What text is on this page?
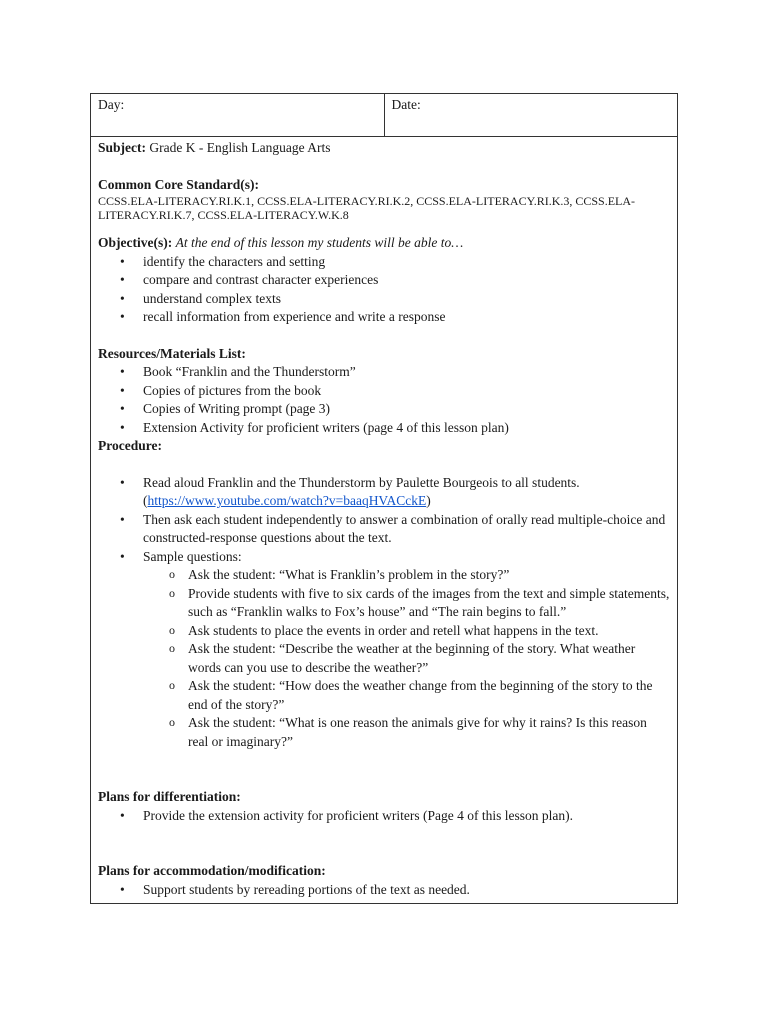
Day:	Date:

Subject: Grade K - English Language Arts

Common Core Standard(s):

CCSS.ELA-LITERACY.RI.K.1, CCSS.ELA-LITERACY.RI.K.2, CCSS.ELA-LITERACY.RI.K.3, CCSS.ELA-LITERACY.RI.K.7, CCSS.ELA-LITERACY.W.K.8

Objective(s): At the end of this lesson my students will be able to…

• identify the characters and setting
• compare and contrast character experiences
• understand complex texts
• recall information from experience and write a response

Resources/Materials List:

• Book “Franklin and the Thunderstorm”
• Copies of pictures from the book
• Copies of Writing prompt (page 3)
• Extension Activity for proficient writers (page 4 of this lesson plan)

Procedure:

• Read aloud Franklin and the Thunderstorm by Paulette Bourgeois to all students.
(https://www.youtube.com/watch?v=baaqHVACckE)
• Then ask each student independently to answer a combination of orally read multiple-choice and constructed-response questions about the text.
• Sample questions:
o Ask the student: “What is Franklin’s problem in the story?”
o Provide students with five to six cards of the images from the text and simple statements, such as “Franklin walks to Fox’s house” and “The rain begins to fall.”
o Ask students to place the events in order and retell what happens in the text.
o Ask the student: “Describe the weather at the beginning of the story. What weather words can you use to describe the weather?”
o Ask the student: “How does the weather change from the beginning of the story to the end of the story?”
o Ask the student: “What is one reason the animals give for why it rains? Is this reason real or imaginary?”

Plans for differentiation:

• Provide the extension activity for proficient writers (Page 4 of this lesson plan).

Plans for accommodation/modification:

• Support students by rereading portions of the text as needed.
